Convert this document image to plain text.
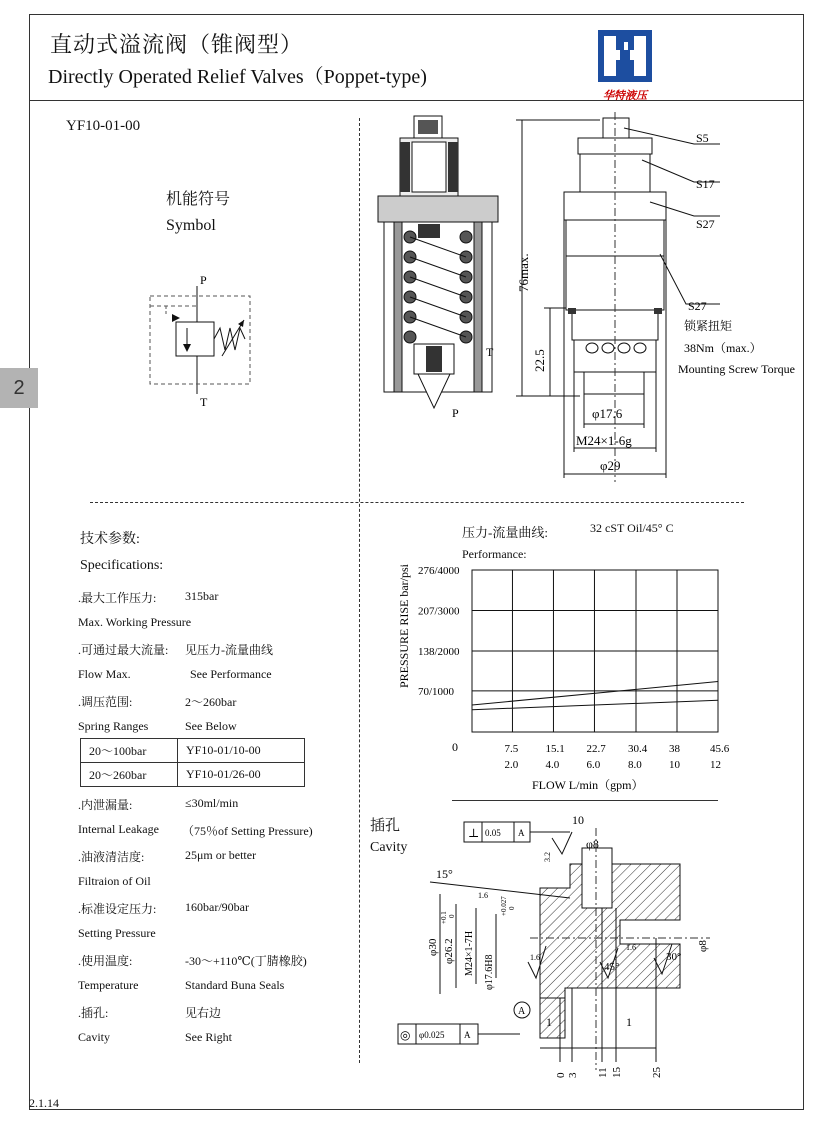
直动式溢流阀（锥阀型）
Directly Operated Relief Valves（Poppet-type)
华特液压
2
YF10-01-00
机能符号
Symbol
P
T
T
P
76max.
22.5
S5
S17
S27
S27
锁紧扭矩
38Nm（max.）
Mounting Screw Torque
φ17.6
M24×1-6g
φ29
技术参数:
Specifications:
.最大工作压力: 315bar
Max. Working Pressure
.可通过最大流量: 见压力-流量曲线
Flow Max.	See Performance
.调压范围:	2～260bar
Spring Ranges	See Below
20～100bar	YF10-01/10-00
20～260bar	YF10-01/26-00
.内泄漏量:	≤30ml/min
Internal Leakage （75％of Setting Pressure)
.油液清洁度:	25μm or better
Filtraion of Oil
.标准设定压力: 160bar/90bar
Setting Pressure
.使用温度:	-30～+110℃(丁腈橡胶)
Temperature	Standard Buna Seals
.插孔:	见右边
Cavity	See Right
压力-流量曲线:	32 cST Oil/45° C
Performance:
70/1000
138/2000
207/3000
276/4000
7.5
2.0
15.1
4.0
22.7
6.0
30.4
8.0
38
10
45.6
12
PRESSURE RISE bar/psi
FLOW L/min（gpm）
0
插孔
Cavity
⊥ 0.05 A
10
φ8
3.2
15°
1.6
φ30 φ26.2
+0.1 0
M24×1-7H φ17.6H8
+0.027 0
1.6
45°
30°
1.6	φ8
A
1	1
◎ φ0.025 A
0 3 11 15	25
2.1.14
